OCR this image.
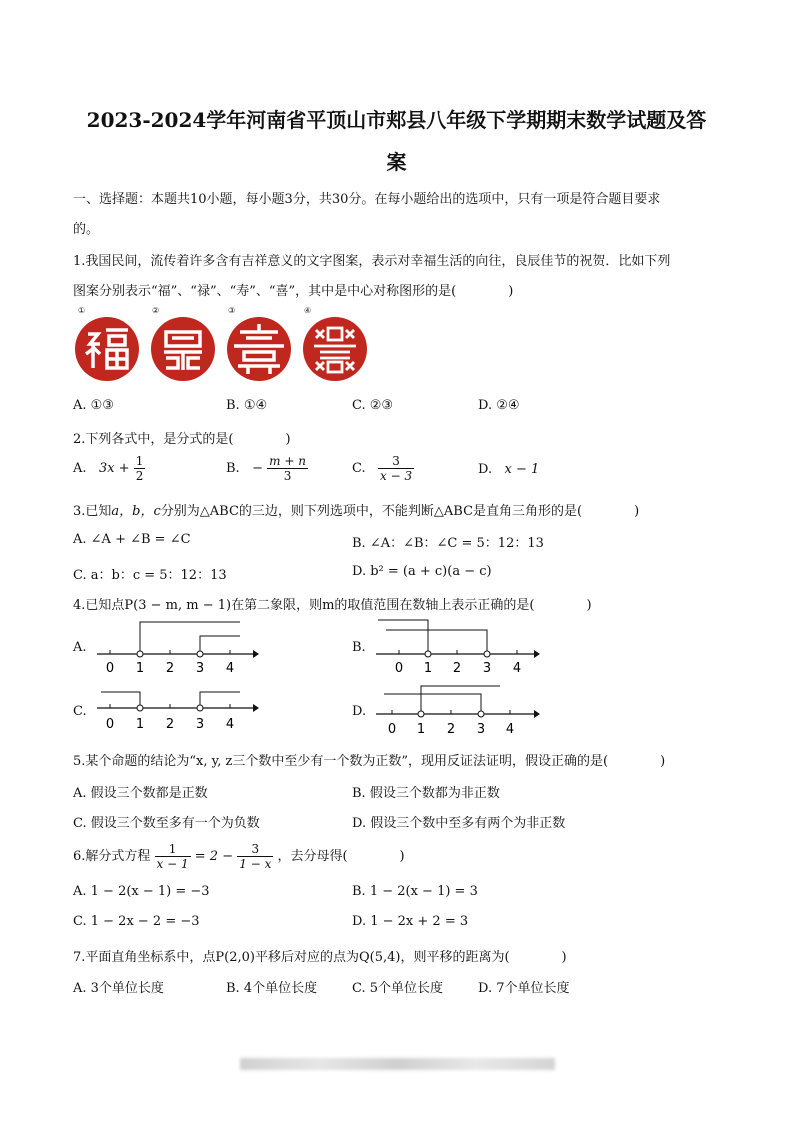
2023-2024学年河南省平顶山市郏县八年级下学期期末数学试题及答
案
一、选择题：本题共10小题，每小题3分，共30分。在每小题给出的选项中，只有一项是符合题目要求
的。
1.我国民间，流传着许多含有吉祥意义的文字图案，表示对幸福生活的向往，良辰佳节的祝贺．比如下列
图案分别表示“福”、“禄”、“寿”、“喜”，其中是中心对称图形的是(　　　　)
①	②	③	④
A. ①③	B. ①④	C. ②③	D. ②④
2.下列各式中，是分式的是(　　　　)
A. $3x + \frac{1}{2}$	B. − $\frac{m + n}{3}$	C. $\frac{3}{x - 3}$	D. x − 1
3.已知a，b，c分别为△ABC的三边，则下列选项中，不能判断△ABC是直角三角形的是(　　　　)
A. ∠A + ∠B = ∠C	B. ∠A：∠B：∠C = 5：12：13
C. a：b：c = 5：12：13	D. b² = (a + c)(a − c)
4.已知点P(3 − m, m − 1)在第二象限，则m的取值范围在数轴上表示正确的是(　　　　)
A.
0 1 2 3 4
B.
0 1 2 3 4
C.
0 1 2 3 4
D.
0 1 2 3 4
5.某个命题的结论为“x, y, z三个数中至少有一个数为正数”，现用反证法证明，假设正确的是(　　　　)
A. 假设三个数都是正数	B. 假设三个数都为非正数
C. 假设三个数至多有一个为负数	D. 假设三个数中至多有两个为非正数
6.解分式方程 $\frac{1}{x - 1} = 2 - \frac{3}{1 - x}$ ，去分母得(　　　　)
A. 1 − 2(x − 1) = −3	B. 1 − 2(x − 1) = 3
C. 1 − 2x − 2 = −3	D. 1 − 2x + 2 = 3
7.平面直角坐标系中，点P(2,0)平移后对应的点为Q(5,4)，则平移的距离为(　　　　)
A. 3个单位长度	B. 4个单位长度	C. 5个单位长度	D. 7个单位长度
